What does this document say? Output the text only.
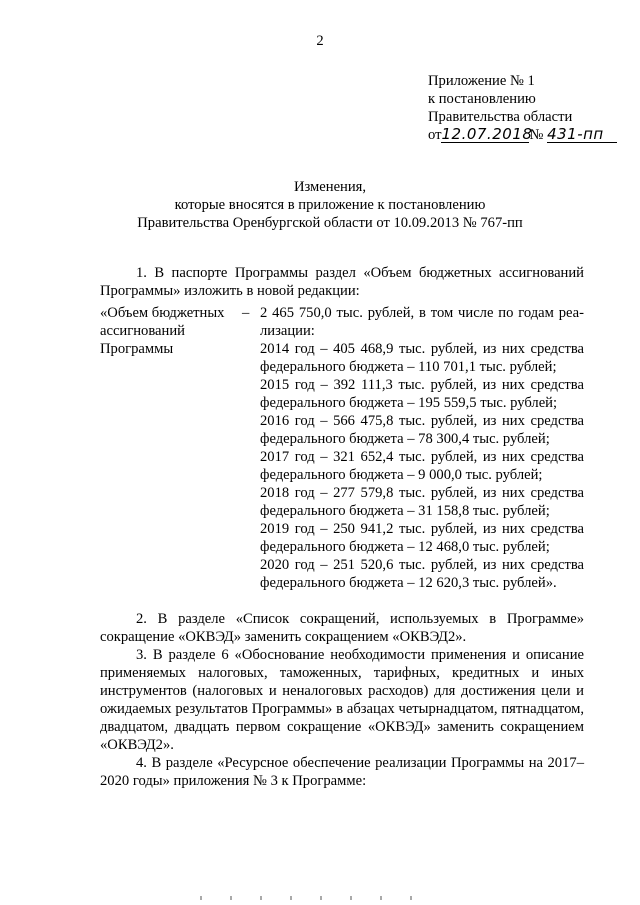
2
Приложение № 1
к постановлению
Правительства области
от12.07.2018№ 431-пп
Изменения,
которые вносятся в приложение к постановлению
Правительства Оренбургской области от 10.09.2013 № 767-пп

1. В паспорте Программы раздел «Объем бюджетных ассигнований Программы» изложить в новой редакции:

«Объем бюджетных ассигнований Программы
– 2 465 750,0 тыс. рублей, в том числе по годам реа-
лизации:
2014 год – 405 468,9 тыс. рублей, из них средства
федерального бюджета – 110 701,1 тыс. рублей;
2015 год – 392 111,3 тыс. рублей, из них средства
федерального бюджета – 195 559,5 тыс. рублей;
2016 год – 566 475,8 тыс. рублей, из них средства
федерального бюджета – 78 300,4 тыс. рублей;
2017 год – 321 652,4 тыс. рублей, из них средства
федерального бюджета – 9 000,0 тыс. рублей;
2018 год – 277 579,8 тыс. рублей, из них средства
федерального бюджета – 31 158,8 тыс. рублей;
2019 год – 250 941,2 тыс. рублей, из них средства
федерального бюджета – 12 468,0 тыс. рублей;
2020 год – 251 520,6 тыс. рублей, из них средства
федерального бюджета – 12 620,3 тыс. рублей».

2. В разделе «Список сокращений, используемых в Программе» сокращение «ОКВЭД» заменить сокращением «ОКВЭД2».

3. В разделе 6 «Обоснование необходимости применения и описание применяемых налоговых, таможенных, тарифных, кредитных и иных инструментов (налоговых и неналоговых расходов) для достижения цели и ожидаемых результатов Программы» в абзацах четырнадцатом, пятнадцатом, двадцатом, двадцать первом сокращение «ОКВЭД» заменить сокращением «ОКВЭД2».

4. В разделе «Ресурсное обеспечение реализации Программы на 2017–2020 годы» приложения № 3 к Программе:
